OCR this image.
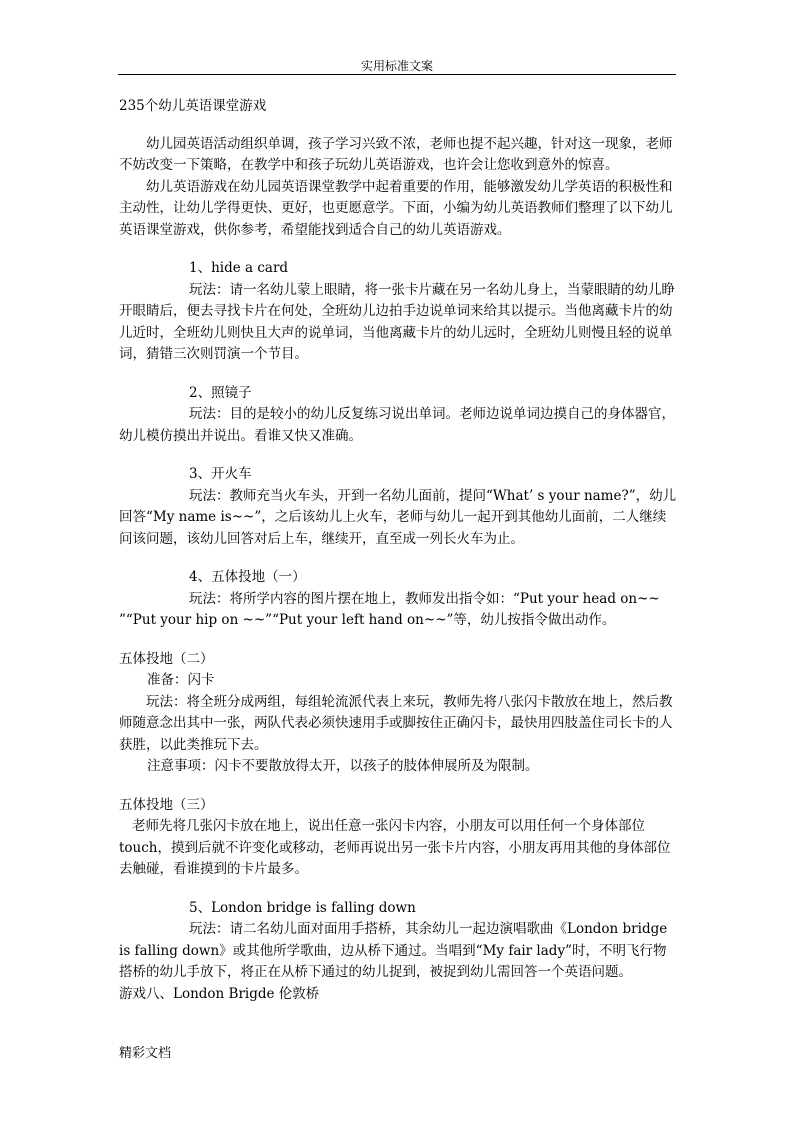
实用标准文案

235个幼儿英语课堂游戏

幼儿园英语活动组织单调，孩子学习兴致不浓，老师也提不起兴趣，针对这一现象，老师不妨改变一下策略，在教学中和孩子玩幼儿英语游戏，也许会让您收到意外的惊喜。

幼儿英语游戏在幼儿园英语课堂教学中起着重要的作用，能够激发幼儿学英语的积极性和主动性，让幼儿学得更快、更好，也更愿意学。下面，小编为幼儿英语教师们整理了以下幼儿英语课堂游戏，供你参考，希望能找到适合自己的幼儿英语游戏。

1、hide a card

玩法：请一名幼儿蒙上眼睛，将一张卡片藏在另一名幼儿身上，当蒙眼睛的幼儿睁开眼睛后，便去寻找卡片在何处，全班幼儿边拍手边说单词来给其以提示。当他离藏卡片的幼儿近时，全班幼儿则快且大声的说单词，当他离藏卡片的幼儿远时，全班幼儿则慢且轻的说单词，猜错三次则罚演一个节目。

2、照镜子

玩法：目的是较小的幼儿反复练习说出单词。老师边说单词边摸自己的身体器官，幼儿模仿摸出并说出。看谁又快又准确。

3、开火车

玩法：教师充当火车头，开到一名幼儿面前，提问“What’ s your name?”，幼儿回答“My name is~~”，之后该幼儿上火车，老师与幼儿一起开到其他幼儿面前，二人继续问该问题，该幼儿回答对后上车，继续开，直至成一列长火车为止。

4、五体投地（一）

玩法：将所学内容的图片摆在地上，教师发出指令如：“Put your head on~~ ”“Put your hip on ~~”“Put your left hand on~~”等，幼儿按指令做出动作。

五体投地（二）

准备：闪卡

玩法：将全班分成两组，每组轮流派代表上来玩，教师先将八张闪卡散放在地上，然后教师随意念出其中一张，两队代表必须快速用手或脚按住正确闪卡，最快用四肢盖住司长卡的人获胜，以此类推玩下去。

注意事项：闪卡不要散放得太开，以孩子的肢体伸展所及为限制。

五体投地（三）

老师先将几张闪卡放在地上，说出任意一张闪卡内容，小朋友可以用任何一个身体部位touch，摸到后就不许变化或移动，老师再说出另一张卡片内容，小朋友再用其他的身体部位去触碰，看谁摸到的卡片最多。

5、London bridge is falling down

玩法：请二名幼儿面对面用手搭桥，其余幼儿一起边演唱歌曲《London bridge is falling down》或其他所学歌曲，边从桥下通过。当唱到“My fair lady”时，不明飞行物搭桥的幼儿手放下，将正在从桥下通过的幼儿捉到，被捉到幼儿需回答一个英语问题。

游戏八、London Brigde 伦敦桥

精彩文档
